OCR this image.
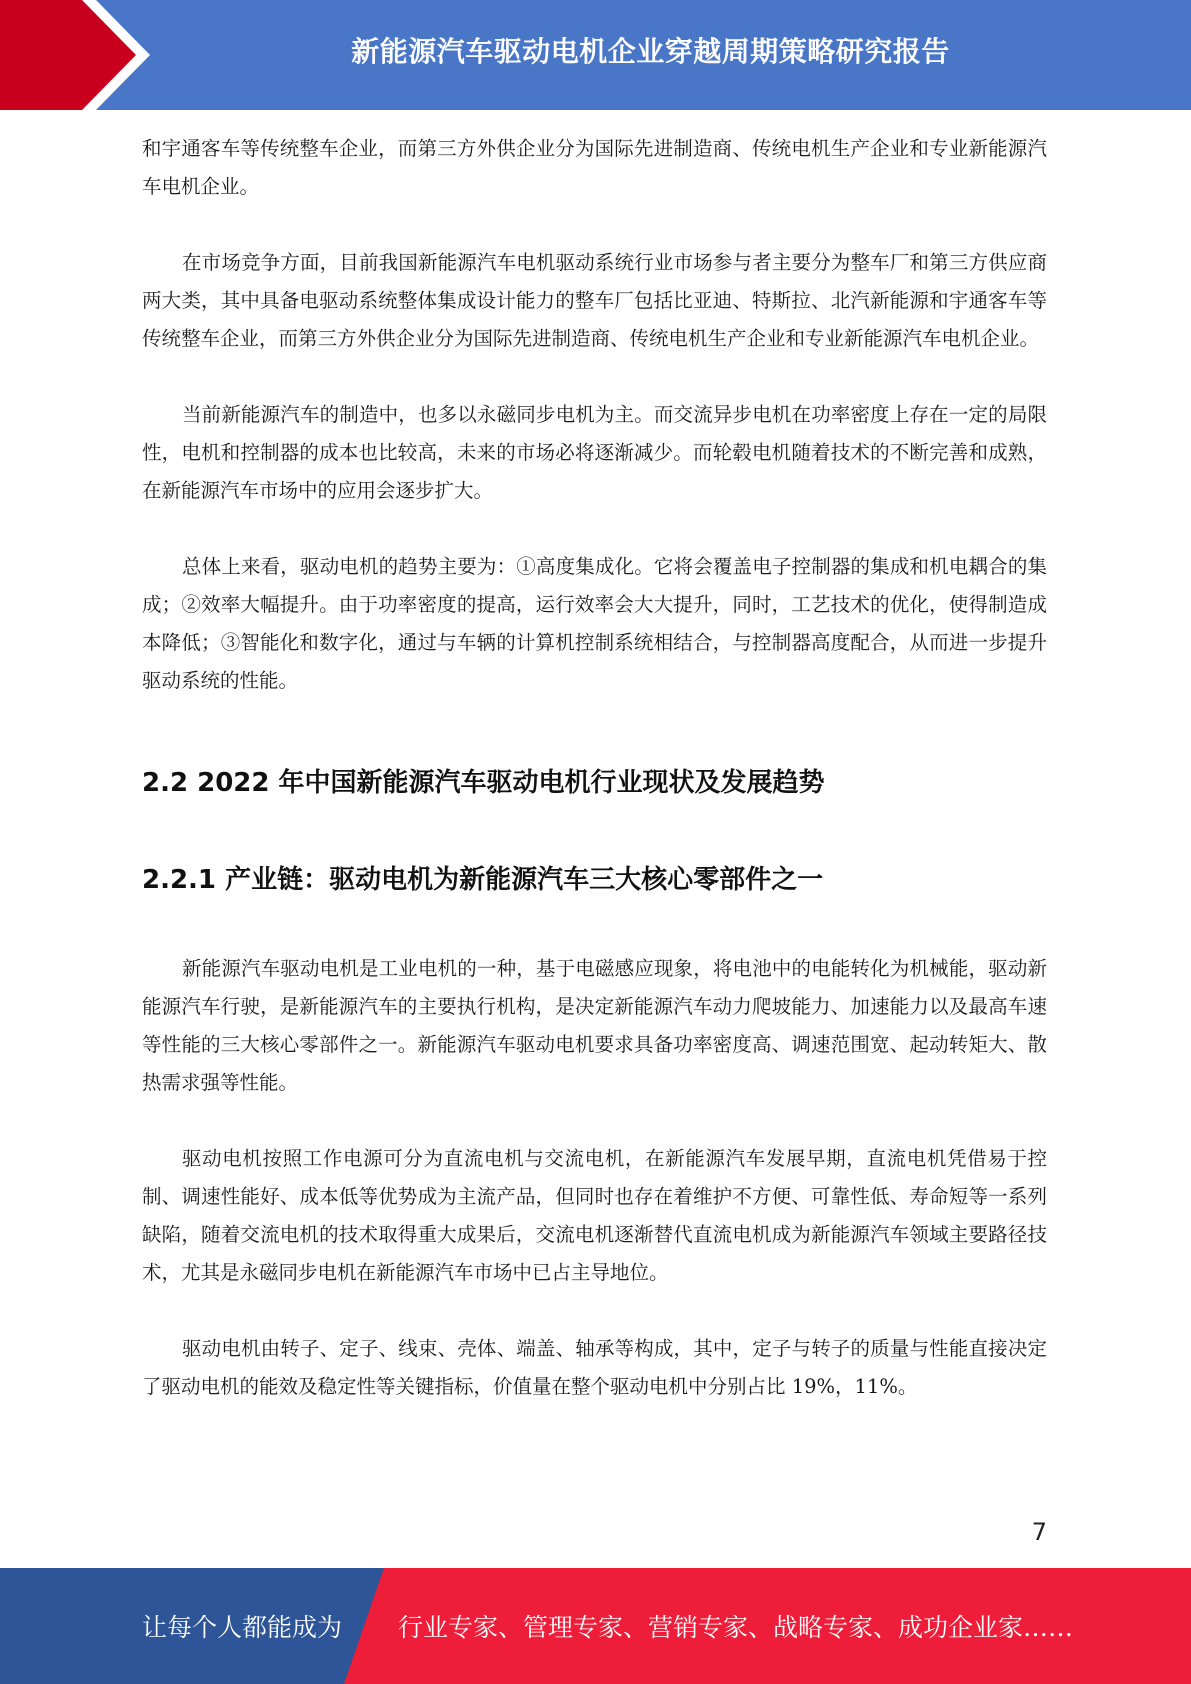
新能源汽车驱动电机企业穿越周期策略研究报告

和宇通客车等传统整车企业，而第三方外供企业分为国际先进制造商、传统电机生产企业和专业新能源汽车电机企业。

在市场竞争方面，目前我国新能源汽车电机驱动系统行业市场参与者主要分为整车厂和第三方供应商两大类，其中具备电驱动系统整体集成设计能力的整车厂包括比亚迪、特斯拉、北汽新能源和宇通客车等传统整车企业，而第三方外供企业分为国际先进制造商、传统电机生产企业和专业新能源汽车电机企业。

当前新能源汽车的制造中，也多以永磁同步电机为主。而交流异步电机在功率密度上存在一定的局限性，电机和控制器的成本也比较高，未来的市场必将逐渐减少。而轮毂电机随着技术的不断完善和成熟，在新能源汽车市场中的应用会逐步扩大。

总体上来看，驱动电机的趋势主要为：①高度集成化。它将会覆盖电子控制器的集成和机电耦合的集成；②效率大幅提升。由于功率密度的提高，运行效率会大大提升，同时，工艺技术的优化，使得制造成本降低；③智能化和数字化，通过与车辆的计算机控制系统相结合，与控制器高度配合，从而进一步提升驱动系统的性能。

2.2 2022 年中国新能源汽车驱动电机行业现状及发展趋势
2.2.1 产业链：驱动电机为新能源汽车三大核心零部件之一

新能源汽车驱动电机是工业电机的一种，基于电磁感应现象，将电池中的电能转化为机械能，驱动新能源汽车行驶，是新能源汽车的主要执行机构，是决定新能源汽车动力爬坡能力、加速能力以及最高车速等性能的三大核心零部件之一。新能源汽车驱动电机要求具备功率密度高、调速范围宽、起动转矩大、散热需求强等性能。

驱动电机按照工作电源可分为直流电机与交流电机，在新能源汽车发展早期，直流电机凭借易于控制、调速性能好、成本低等优势成为主流产品，但同时也存在着维护不方便、可靠性低、寿命短等一系列缺陷，随着交流电机的技术取得重大成果后，交流电机逐渐替代直流电机成为新能源汽车领域主要路径技术，尤其是永磁同步电机在新能源汽车市场中已占主导地位。

驱动电机由转子、定子、线束、壳体、端盖、轴承等构成，其中，定子与转子的质量与性能直接决定了驱动电机的能效及稳定性等关键指标，价值量在整个驱动电机中分别占比 19%，11%。

7
让每个人都能成为 行业专家、管理专家、营销专家、战略专家、成功企业家……
